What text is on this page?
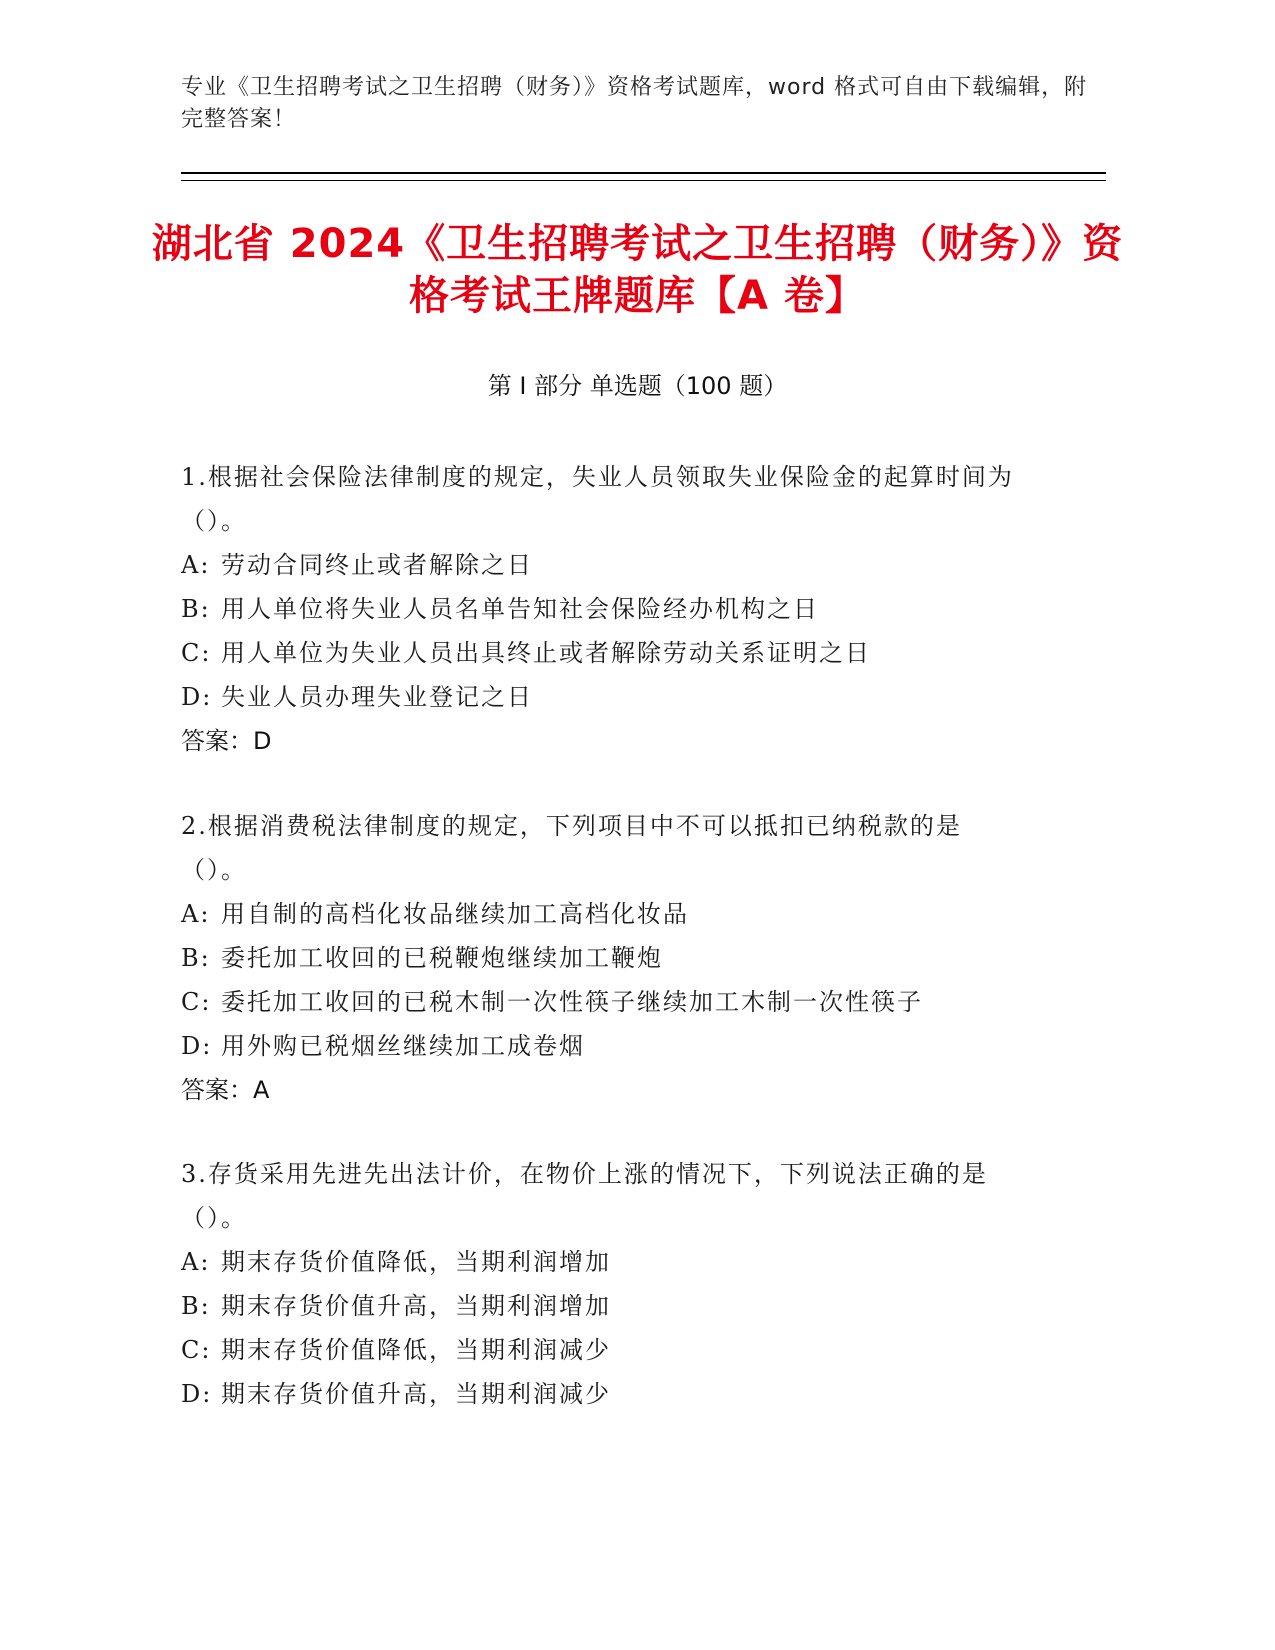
专业《卫生招聘考试之卫生招聘（财务）》资格考试题库，word 格式可自由下载编辑，附完整答案！
湖北省 2024《卫生招聘考试之卫生招聘（财务）》资格考试王牌题库【A 卷】
第 I 部分 单选题（100 题）

1.根据社会保险法律制度的规定，失业人员领取失业保险金的起算时间为（）。

A: 劳动合同终止或者解除之日

B: 用人单位将失业人员名单告知社会保险经办机构之日

C: 用人单位为失业人员出具终止或者解除劳动关系证明之日

D: 失业人员办理失业登记之日

答案：D

2.根据消费税法律制度的规定，下列项目中不可以抵扣已纳税款的是（）。

A: 用自制的高档化妆品继续加工高档化妆品

B: 委托加工收回的已税鞭炮继续加工鞭炮

C: 委托加工收回的已税木制一次性筷子继续加工木制一次性筷子

D: 用外购已税烟丝继续加工成卷烟

答案：A

3.存货采用先进先出法计价，在物价上涨的情况下，下列说法正确的是（）。

A: 期末存货价值降低，当期利润增加

B: 期末存货价值升高，当期利润增加

C: 期末存货价值降低，当期利润减少

D: 期末存货价值升高，当期利润减少
